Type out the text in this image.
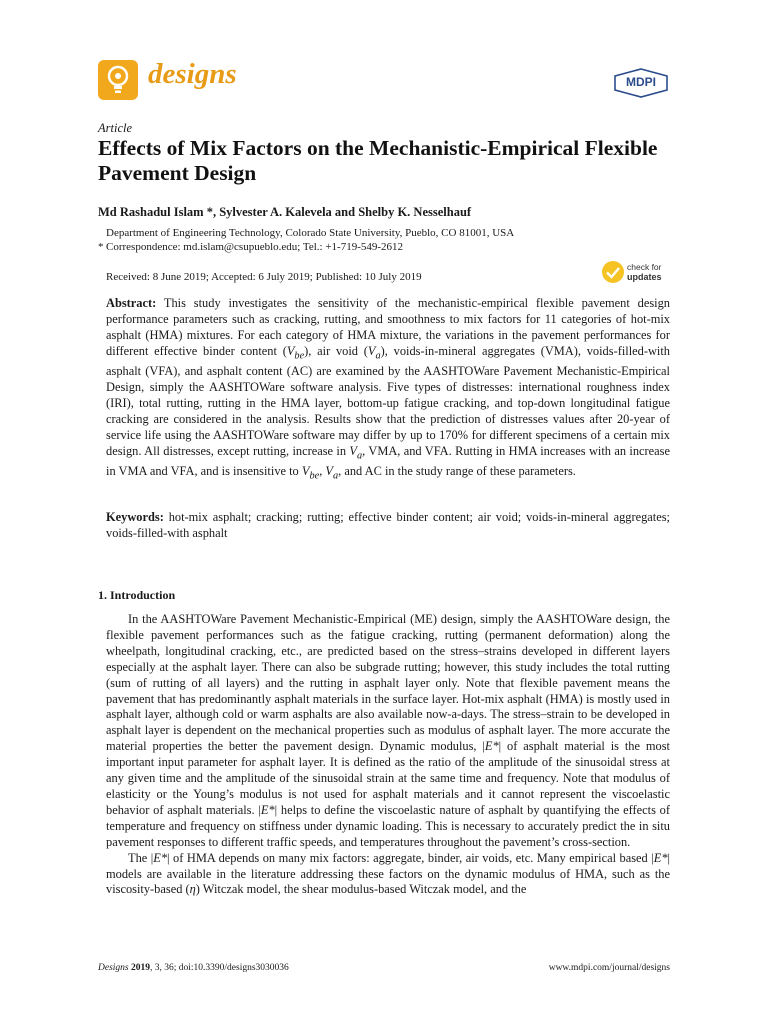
designs	MDPI
Article
Effects of Mix Factors on the Mechanistic-Empirical Flexible Pavement Design
Md Rashadul Islam *, Sylvester A. Kalevela and Shelby K. Nesselhauf
Department of Engineering Technology, Colorado State University, Pueblo, CO 81001, USA
* Correspondence: md.islam@csupueblo.edu; Tel.: +1-719-549-2612
Received: 8 June 2019; Accepted: 6 July 2019; Published: 10 July 2019
check for
updates
Abstract: This study investigates the sensitivity of the mechanistic-empirical flexible pavement design performance parameters such as cracking, rutting, and smoothness to mix factors for 11 categories of hot-mix asphalt (HMA) mixtures. For each category of HMA mixture, the variations in the pavement performances for different effective binder content $(V_{be})$, air void $(V_a)$, voids-in-mineral aggregates (VMA), voids-filled-with asphalt (VFA), and asphalt content (AC) are examined by the AASHTOWare Pavement Mechanistic-Empirical Design, simply the AASHTOWare software analysis. Five types of distresses: international roughness index (IRI), total rutting, rutting in the HMA layer, bottom-up fatigue cracking, and top-down longitudinal fatigue cracking are considered in the analysis. Results show that the prediction of distresses values after 20-year of service life using the AASHTOWare software may differ by up to 170% for different specimens of a certain mix design. All distresses, except rutting, increase in $V_a$, VMA, and VFA. Rutting in HMA increases with an increase in VMA and VFA, and is insensitive to $V_{be}$, $V_a$, and AC in the study range of these parameters.
Keywords: hot-mix asphalt; cracking; rutting; effective binder content; air void; voids-in-mineral aggregates; voids-filled-with asphalt
1. Introduction

In the AASHTOWare Pavement Mechanistic-Empirical (ME) design, simply the AASHTOWare design, the flexible pavement performances such as the fatigue cracking, rutting (permanent deformation) along the wheelpath, longitudinal cracking, etc., are predicted based on the stress–strains developed in different layers especially at the asphalt layer. There can also be subgrade rutting; however, this study includes the total rutting (sum of rutting of all layers) and the rutting in asphalt layer only. Note that flexible pavement means the pavement that has predominantly asphalt materials in the surface layer. Hot-mix asphalt (HMA) is mostly used in asphalt layer, although cold or warm asphalts are also available now-a-days. The stress–strain to be developed in asphalt layer is dependent on the mechanical properties such as modulus of asphalt layer. The more accurate the material properties the better the pavement design. Dynamic modulus, |E*| of asphalt material is the most important input parameter for asphalt layer. It is defined as the ratio of the amplitude of the sinusoidal stress at any given time and the amplitude of the sinusoidal strain at the same time and frequency. Note that modulus of elasticity or the Young’s modulus is not used for asphalt materials and it cannot represent the viscoelastic behavior of asphalt materials. |E*| helps to define the viscoelastic nature of asphalt by quantifying the effects of temperature and frequency on stiffness under dynamic loading. This is necessary to accurately predict the in situ pavement responses to different traffic speeds, and temperatures throughout the pavement’s cross-section.

The |E*| of HMA depends on many mix factors: aggregate, binder, air voids, etc. Many empirical based |E*| models are available in the literature addressing these factors on the dynamic modulus of HMA, such as the viscosity-based (η) Witczak model, the shear modulus-based Witczak model, and the

Designs 2019, 3, 36; doi:10.3390/designs3030036	www.mdpi.com/journal/designs
